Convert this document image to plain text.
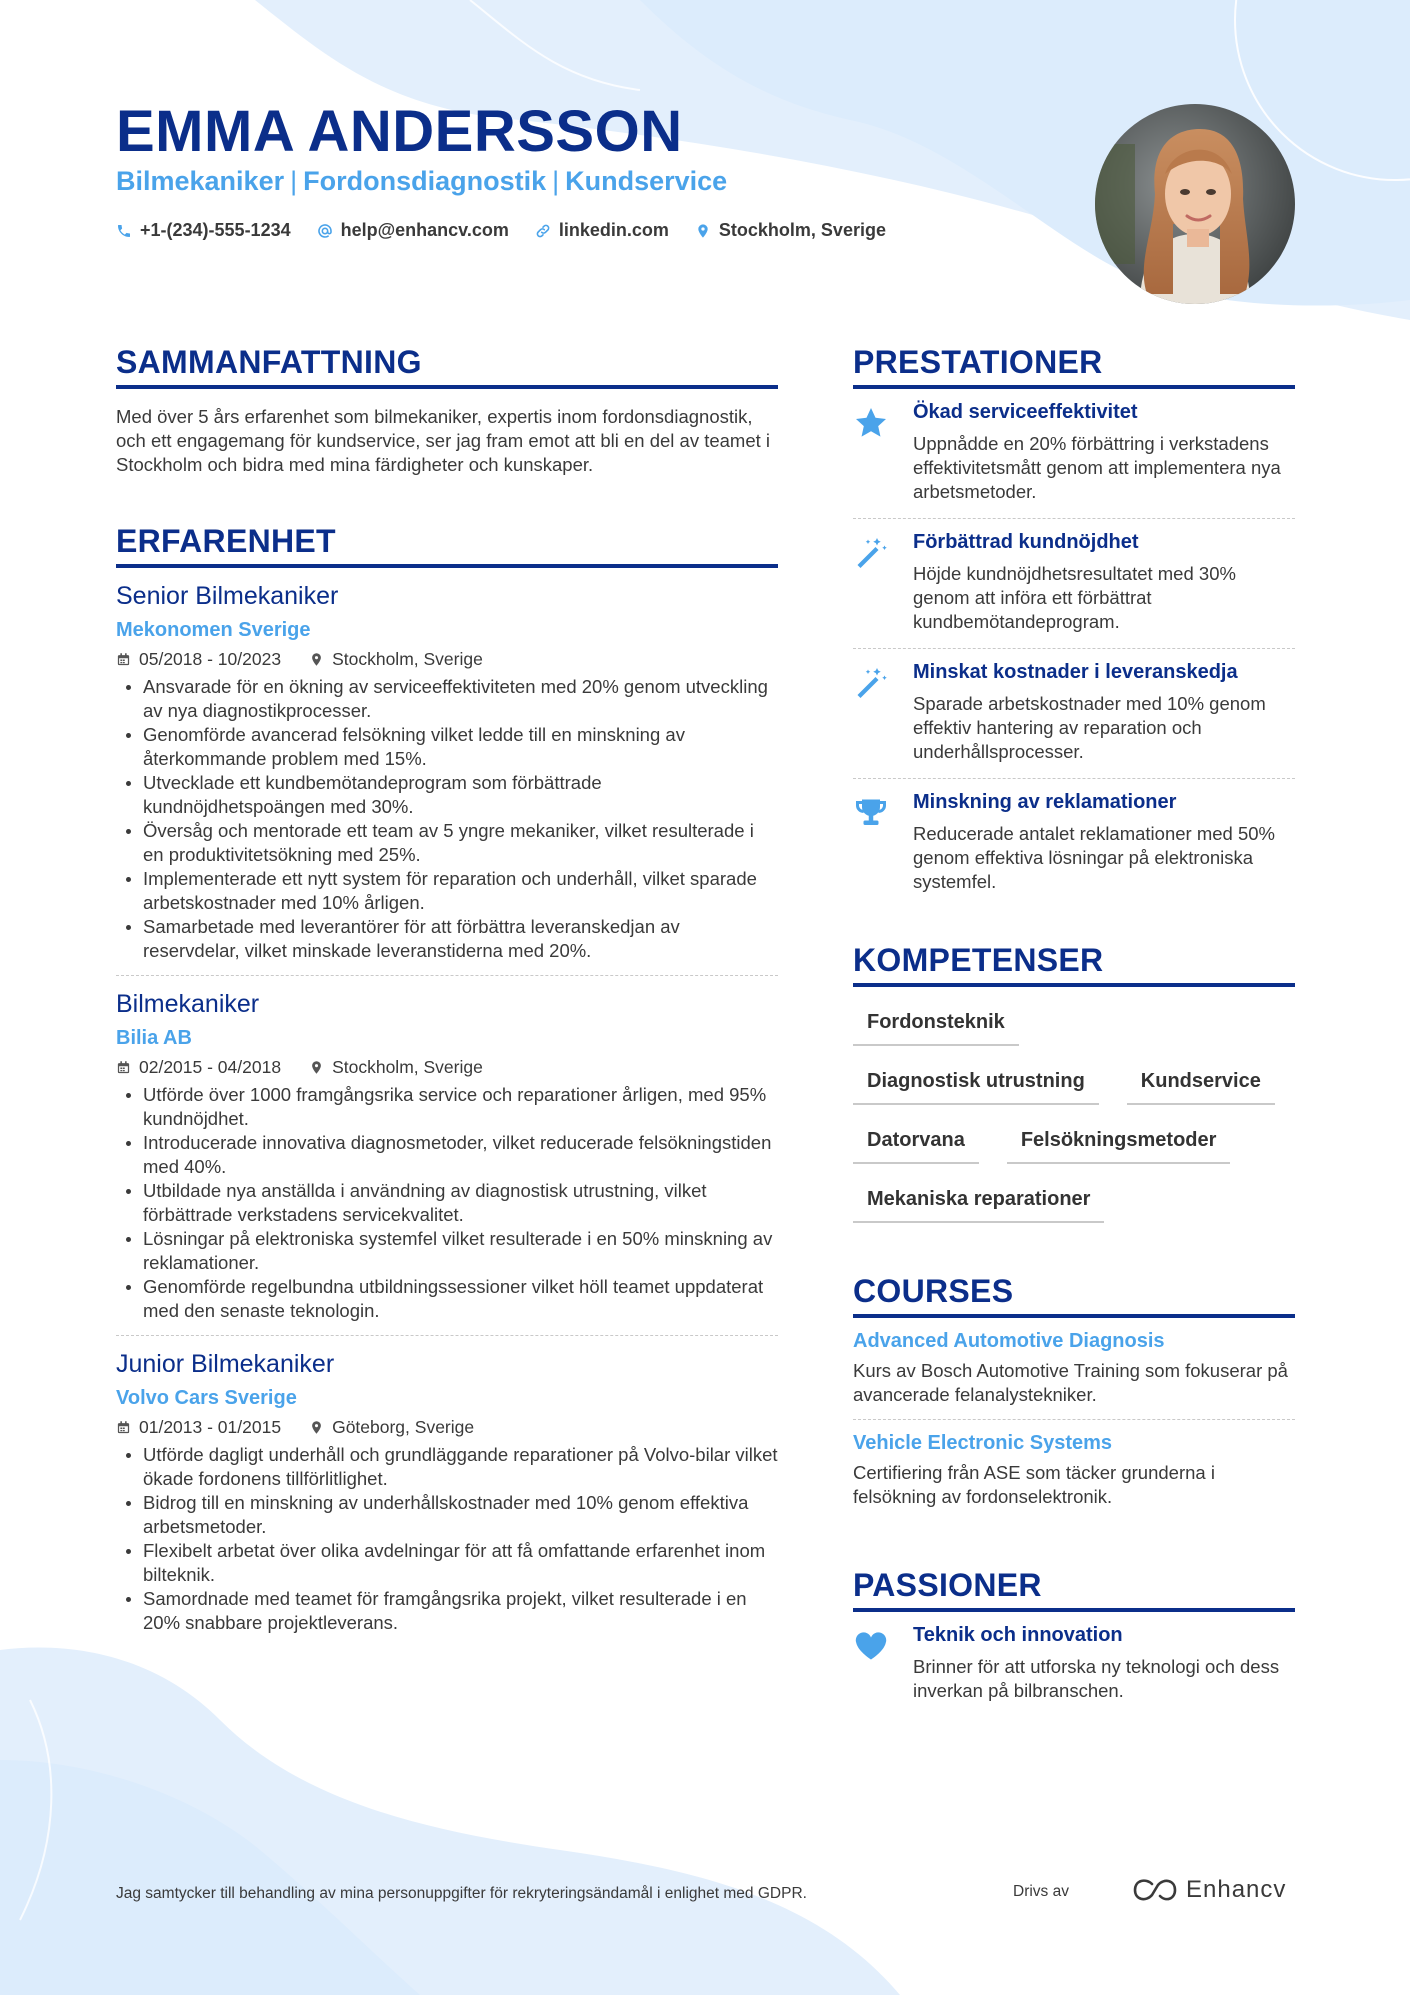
EMMA ANDERSSON
Bilmekaniker | Fordonsdiagnostik | Kundservice
+1-(234)-555-1234	help@enhancv.com	linkedin.com	Stockholm, Sverige
SAMMANFATTNING

Med över 5 års erfarenhet som bilmekaniker, expertis inom fordonsdiagnostik, och ett engagemang för kundservice, ser jag fram emot att bli en del av teamet i Stockholm och bidra med mina färdigheter och kunskaper.

ERFARENHET
Senior Bilmekaniker
Mekonomen Sverige
05/2018 - 10/2023	Stockholm, Sverige
Ansvarade för en ökning av serviceeffektiviteten med 20% genom utveckling av nya diagnostikprocesser.
Genomförde avancerad felsökning vilket ledde till en minskning av återkommande problem med 15%.
Utvecklade ett kundbemötandeprogram som förbättrade kundnöjdhetspoängen med 30%.
Översåg och mentorade ett team av 5 yngre mekaniker, vilket resulterade i en produktivitetsökning med 25%.
Implementerade ett nytt system för reparation och underhåll, vilket sparade arbetskostnader med 10% årligen.
Samarbetade med leverantörer för att förbättra leveranskedjan av reservdelar, vilket minskade leveranstiderna med 20%.
Bilmekaniker
Bilia AB
02/2015 - 04/2018	Stockholm, Sverige
Utförde över 1000 framgångsrika service och reparationer årligen, med 95% kundnöjdhet.
Introducerade innovativa diagnosmetoder, vilket reducerade felsökningstiden med 40%.
Utbildade nya anställda i användning av diagnostisk utrustning, vilket förbättrade verkstadens servicekvalitet.
Lösningar på elektroniska systemfel vilket resulterade i en 50% minskning av reklamationer.
Genomförde regelbundna utbildningssessioner vilket höll teamet uppdaterat med den senaste teknologin.
Junior Bilmekaniker
Volvo Cars Sverige
01/2013 - 01/2015	Göteborg, Sverige
Utförde dagligt underhåll och grundläggande reparationer på Volvo-bilar vilket ökade fordonens tillförlitlighet.
Bidrog till en minskning av underhållskostnader med 10% genom effektiva arbetsmetoder.
Flexibelt arbetat över olika avdelningar för att få omfattande erfarenhet inom bilteknik.
Samordnade med teamet för framgångsrika projekt, vilket resulterade i en 20% snabbare projektleverans.
PRESTATIONER
Ökad serviceeffektivitet
Uppnådde en 20% förbättring i verkstadens effektivitetsmått genom att implementera nya arbetsmetoder.
Förbättrad kundnöjdhet
Höjde kundnöjdhetsresultatet med 30% genom att införa ett förbättrat kundbemötandeprogram.
Minskat kostnader i leveranskedja
Sparade arbetskostnader med 10% genom effektiv hantering av reparation och underhållsprocesser.
Minskning av reklamationer
Reducerade antalet reklamationer med 50% genom effektiva lösningar på elektroniska systemfel.
KOMPETENSER
Fordonsteknik
Diagnostisk utrustning	Kundservice
Datorvana	Felsökningsmetoder
Mekaniska reparationer
COURSES
Advanced Automotive Diagnosis
Kurs av Bosch Automotive Training som fokuserar på avancerade felanalystekniker.
Vehicle Electronic Systems
Certifiering från ASE som täcker grunderna i felsökning av fordonselektronik.
PASSIONER
Teknik och innovation
Brinner för att utforska ny teknologi och dess inverkan på bilbranschen.
Jag samtycker till behandling av mina personuppgifter för rekryteringsändamål i enlighet med GDPR.	Drivs av	Enhancv
